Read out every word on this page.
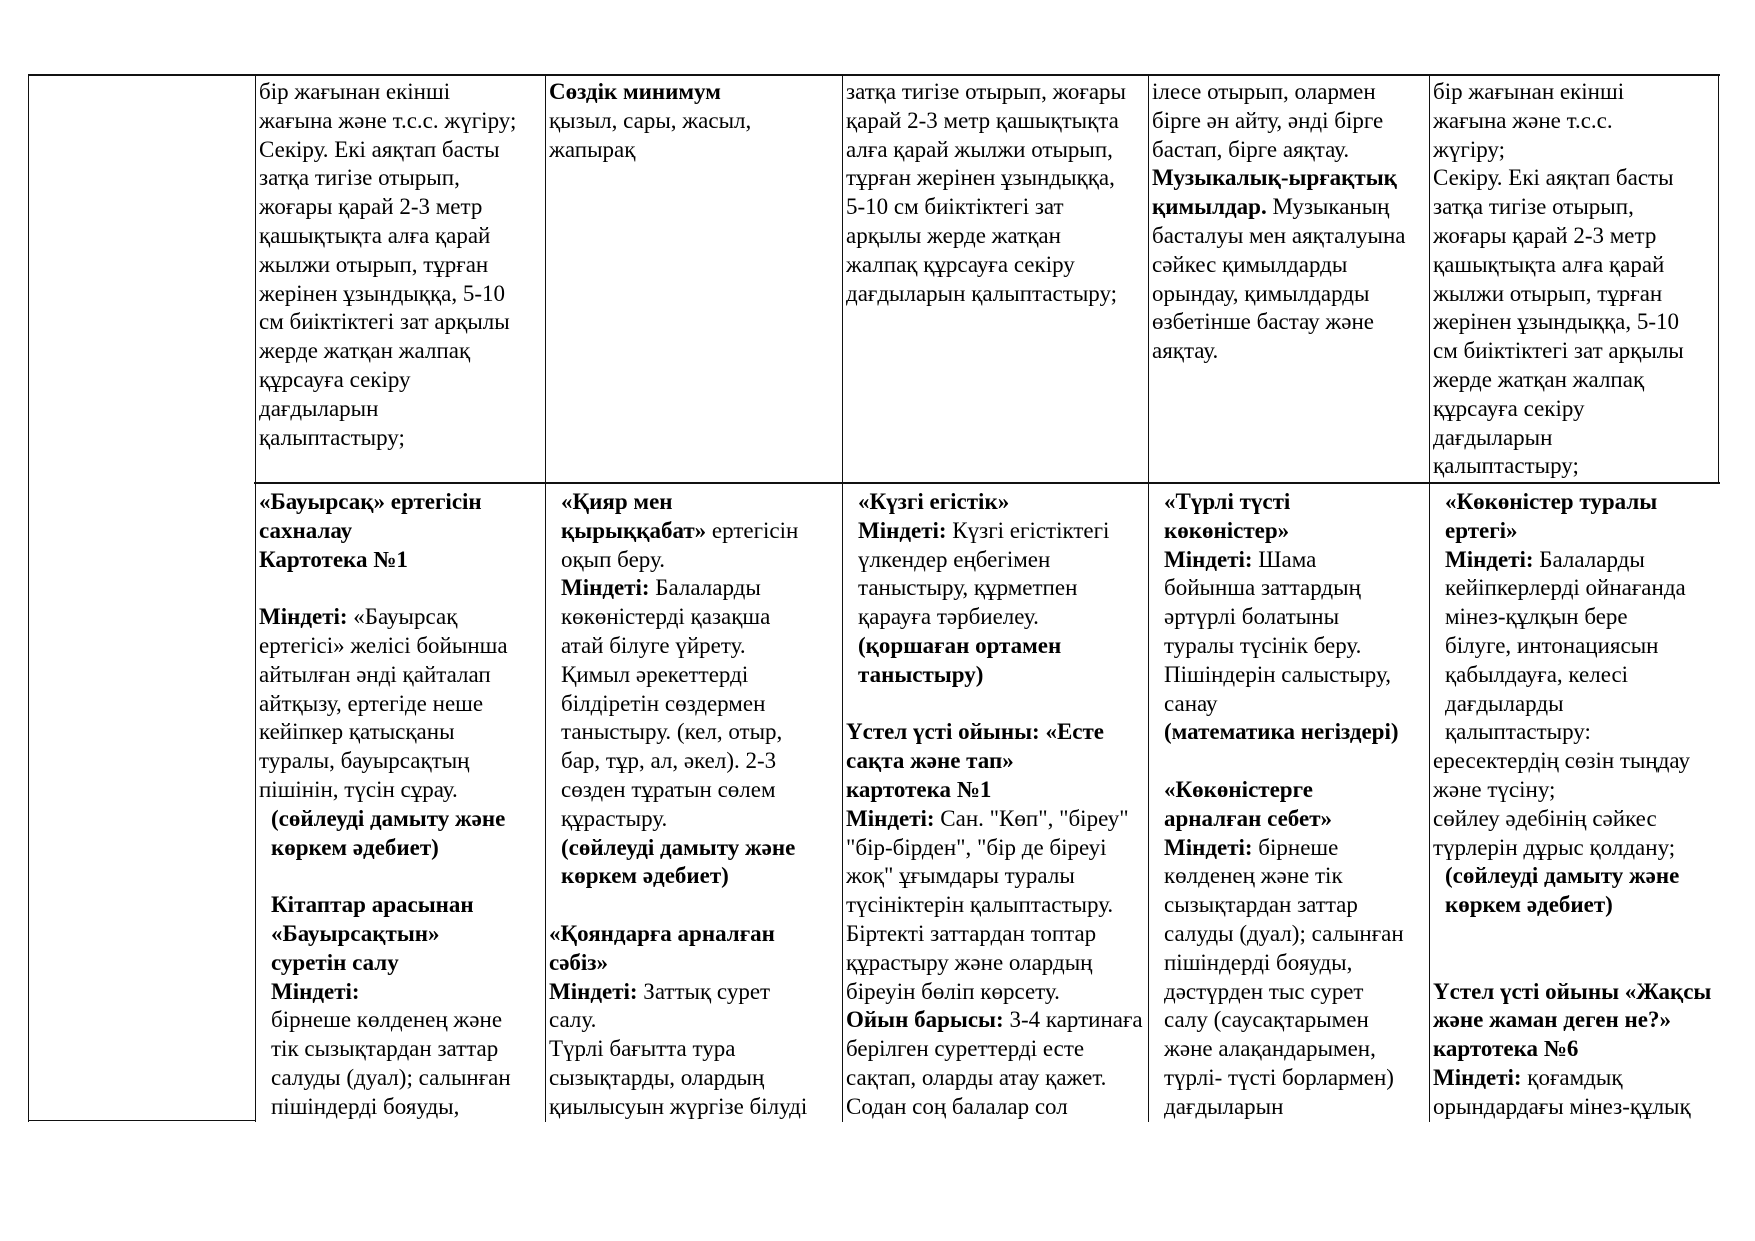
бір жағынан екінші
жағына және т.с.с. жүгіру;
Секіру. Екі аяқтап басты
затқа тигізе отырып,
жоғары қарай 2-3 метр
қашықтықта алға қарай
жылжи отырып, тұрған
жерінен ұзындыққа, 5-10
см биіктіктегі зат арқылы
жерде жатқан жалпақ
құрсауға секіру
дағдыларын
қалыптастыру;
Сөздік минимум
қызыл, сары, жасыл,
жапырақ
затқа тигізе отырып, жоғары
қарай 2-3 метр қашықтықта
алға қарай жылжи отырып,
тұрған жерінен ұзындыққа,
5-10 см биіктіктегі зат
арқылы жерде жатқан
жалпақ құрсауға секіру
дағдыларын қалыптастыру;
ілесе отырып, олармен
бірге ән айту, әнді бірге
бастап, бірге аяқтау.
Музыкалық-ырғақтық
қимылдар. Музыканың
басталуы мен аяқталуына
сәйкес қимылдарды
орындау, қимылдарды
өзбетінше бастау және
аяқтау.
бір жағынан екінші
жағына және т.с.с.
жүгіру;
Секіру. Екі аяқтап басты
затқа тигізе отырып,
жоғары қарай 2-3 метр
қашықтықта алға қарай
жылжи отырып, тұрған
жерінен ұзындыққа, 5-10
см биіктіктегі зат арқылы
жерде жатқан жалпақ
құрсауға секіру
дағдыларын
қалыптастыру;
«Бауырсақ» ертегісін
сахналау
Картотека №1
Міндеті: «Бауырсақ
ертегісі» желісі бойынша
айтылған әнді қайталап
айтқызу, ертегіде неше
кейіпкер қатысқаны
туралы, бауырсақтың
пішінін, түсін сұрау.
(сөйлеуді дамыту және
көркем әдебиет)
Кітаптар арасынан
«Бауырсақтын»
суретін салу
Міндеті:
бірнеше көлденең және
тік сызықтардан заттар
салуды (дуал); салынған
пішіндерді бояуды,
«Қияр мен
қырыққабат» ертегісін
оқып беру.
Міндеті: Балаларды
көкөністерді қазақша
атай білуге үйрету.
Қимыл әрекеттерді
білдіретін сөздермен
таныстыру. (кел, отыр,
бар, тұр, ал, әкел). 2-3
сөзден тұратын сөлем
құрастыру.
(сөйлеуді дамыту және
көркем әдебиет)
«Қояндарға арналған
сәбіз»
Міндеті: Заттық сурет
салу.
Түрлі бағытта тура
сызықтарды, олардың
қиылысуын жүргізе білуді
«Күзгі егістік»
Міндеті: Күзгі егістіктегі
үлкендер еңбегімен
таныстыру, құрметпен
қарауға тәрбиелеу.
(қоршаған ортамен
таныстыру)
Үстел үсті ойыны: «Есте
сақта және тап»
картотека №1
Міндеті: Сан. "Көп", "біреу"
"бір-бірден", "бір де біреуі
жоқ" ұғымдары туралы
түсініктерін қалыптастыру.
Біртекті заттардан топтар
құрастыру және олардың
біреуін бөліп көрсету.
Ойын барысы: 3-4 картинаға
берілген суреттерді есте
сақтап, оларды атау қажет.
Содан соң балалар сол
«Түрлі түсті
көкөністер»
Міндеті: Шама
бойынша заттардың
әртүрлі болатыны
туралы түсінік беру.
Пішіндерін салыстыру,
санау
(математика негіздері)
«Көкөністерге
арналған себет»
Міндеті: бірнеше
көлденең және тік
сызықтардан заттар
салуды (дуал); салынған
пішіндерді бояуды,
дәстүрден тыс сурет
салу (саусақтарымен
және алақандарымен,
түрлі- түсті борлармен)
дағдыларын
«Көкөністер туралы
ертегі»
Міндеті: Балаларды
кейіпкерлерді ойнағанда
мінез-құлқын бере
білуге, интонациясын
қабылдауға, келесі
дағдыларды
қалыптастыру:
ересектердің сөзін тыңдау
және түсіну;
сөйлеу әдебінің сәйкес
түрлерін дұрыс қолдану;
(сөйлеуді дамыту және
көркем әдебиет)
Үстел үсті ойыны «Жақсы
және жаман деген не?»
картотека №6
Міндеті: қоғамдық
орындардағы мінез-құлық
